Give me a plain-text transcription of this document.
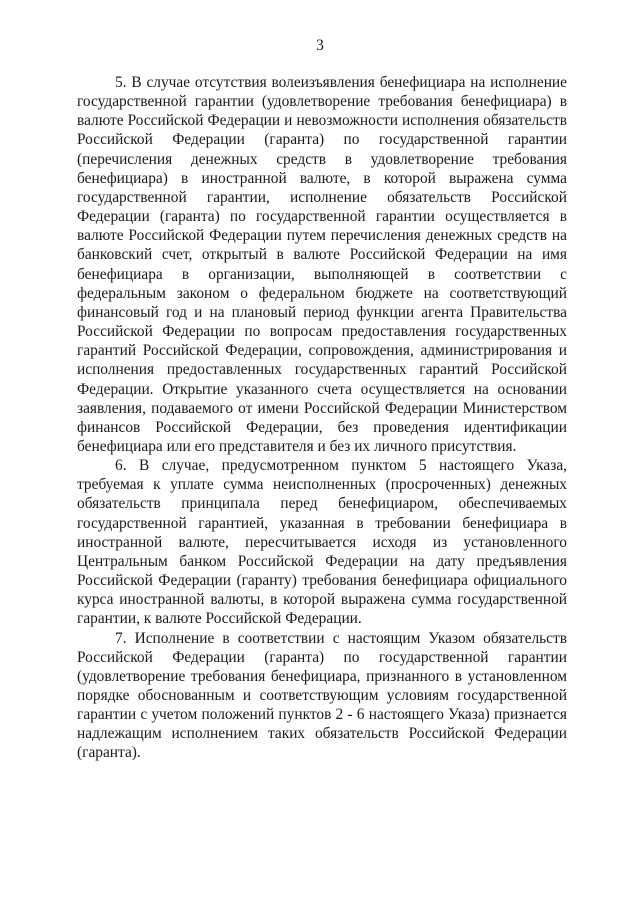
3

5. В случае отсутствия волеизъявления бенефициара на исполнение государственной гарантии (удовлетворение требования бенефициара) в валюте Российской Федерации и невозможности исполнения обязательств Российской Федерации (гаранта) по государственной гарантии (перечисления денежных средств в удовлетворение требования бенефициара) в иностранной валюте, в которой выражена сумма государственной гарантии, исполнение обязательств Российской Федерации (гаранта) по государственной гарантии осуществляется в валюте Российской Федерации путем перечисления денежных средств на банковский счет, открытый в валюте Российской Федерации на имя бенефициара в организации, выполняющей в соответствии с федеральным законом о федеральном бюджете на соответствующий финансовый год и на плановый период функции агента Правительства Российской Федерации по вопросам предоставления государственных гарантий Российской Федерации, сопровождения, администрирования и исполнения предоставленных государственных гарантий Российской Федерации. Открытие указанного счета осуществляется на основании заявления, подаваемого от имени Российской Федерации Министерством финансов Российской Федерации, без проведения идентификации бенефициара или его представителя и без их личного присутствия.

6. В случае, предусмотренном пунктом 5 настоящего Указа, требуемая к уплате сумма неисполненных (просроченных) денежных обязательств принципала перед бенефициаром, обеспечиваемых государственной гарантией, указанная в требовании бенефициара в иностранной валюте, пересчитывается исходя из установленного Центральным банком Российской Федерации на дату предъявления Российской Федерации (гаранту) требования бенефициара официального курса иностранной валюты, в которой выражена сумма государственной гарантии, к валюте Российской Федерации.

7. Исполнение в соответствии с настоящим Указом обязательств Российской Федерации (гаранта) по государственной гарантии (удовлетворение требования бенефициара, признанного в установленном порядке обоснованным и соответствующим условиям государственной гарантии с учетом положений пунктов 2 - 6 настоящего Указа) признается надлежащим исполнением таких обязательств Российской Федерации (гаранта).
